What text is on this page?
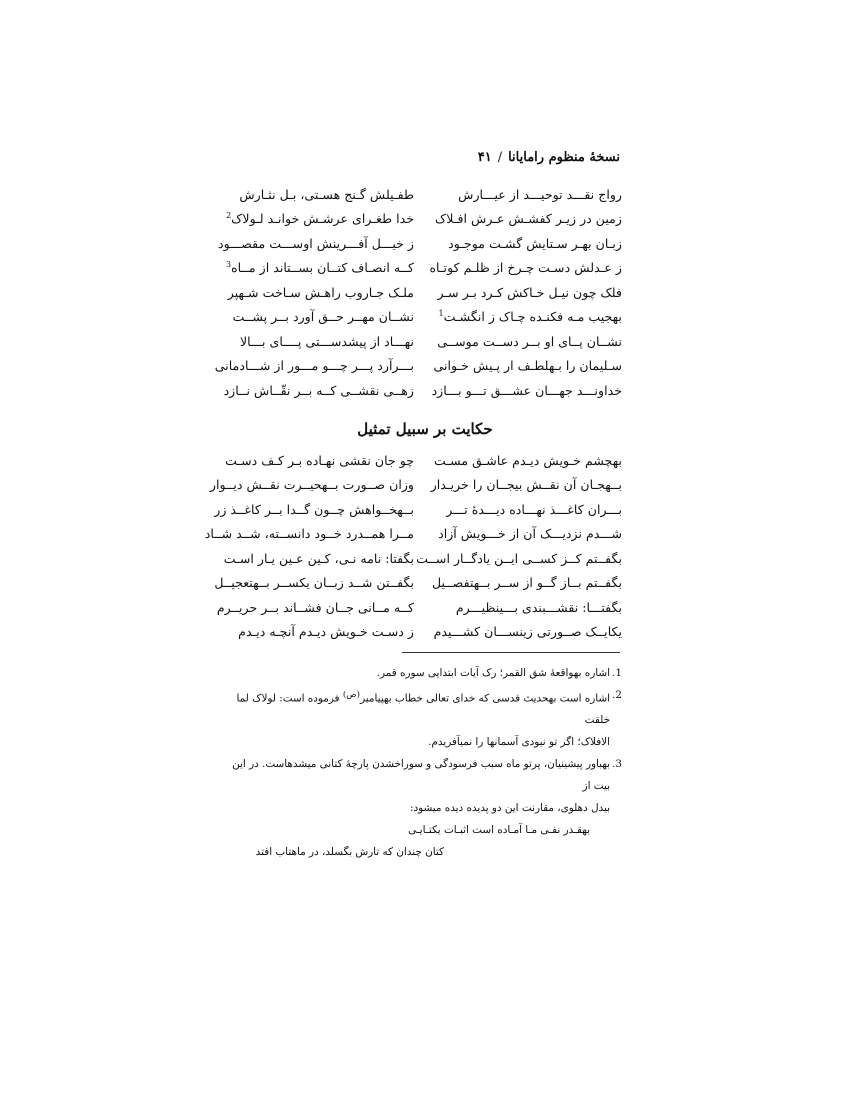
نسخهٔ منظوم رامایانا/۴۱
رواج نقـــد توحیـــد از عیـــارش
طفـیلش گـنج هسـتی، بـل نثـارش
زمین در زیـر کفشـش عـرش افـلاک
خدا طغـرای عرشـش خوانـد لـولاک$^2$
زبـان بهـر سـتایش گشـت موجـود
ز خیـــل آفـــرینش اوســـت مقصـــود
ز عـدلش دسـت چـرخ از ظلـم کوتـاه
کــه انصـاف کتــان بســتاند از مــاه$^3$
فلک چون نیـل خـاکش کـرد بـر سـر
ملـک جـاروب راهـش سـاخت شـهپر
بهجیب مـه فکنـده چـاک ز انگشـت$^1$
نشــان مهــر حــق آورد بــر پشــت
نشــان پــای او بــر دســت موســی
نهـــاد از پیشدســـتی پــــای بـــالا
سـلیمان را بـهلطـف ار پـیش خـوانی
بـــرآرد پـــر چـــو مـــور از شـــادمانی
خداونـــد جهـــان عشـــق تـــو بـــازد
زهــی نقشــی کــه بــر نقّــاش نــازد
حکایت بر سبیل تمثیل
بهچشم خـویش دیـدم عاشـق مسـت
چو جان نقشی نهـاده بـر کـف دسـت
بــهجـان آن نقــش بیجــان را خریـدار
وزان صــورت بــهحیــرت نقــش دیــوار
بـــران کاغـــذ نهـــاده دیـــدهٔ تـــر
بــهخــواهش چــون گــدا بــر کاغــذ زر
شـــدم نزدیـــک آن از خـــویش آزاد
مــرا همــدرد خــود دانســته، شــد شــاد
بگفــتم کــز کســی ایــن یادگــار اســت
بگفتا: نامه نـی، کـین عـین یـار اسـت
بگفــتم بــاز گــو از ســر بــهتفصــیل
بگفــتن شــد زبــان یکســر بــهتعجیــل
بگفتـــا: نقشـــبندی بـــینظیـــرم
کــه مــانی جــان فشــاند بــر حریــرم
یکایــک صــورتی زینســـان کشـــیدم
ز دسـت خـویش دیـدم آنچـه دیـدم
1.
اشاره بهواقعهٔ شق القمر؛ رک آیات ابتدایی سوره قمر.
2.
اشاره است بهحدیث قدسی که خدای تعالی خطاب بهپیامبر$^{(ص)}$ فرموده است: لولاک لما خلقت
الافلاک؛ اگر تو نبودی آسمانها را نمیآفریدم.
3.
بهباور پیشینیان، پرتو ماه سبب فرسودگی و سوراخشدن پارچهٔ کتانی میشدهاست. در این بیت از
بیدل دهلوی، مقارنت این دو پدیده دیده میشود:
بهقـدر نفـی مـا آمـاده است اثبـات یکتـایـی
کتان چندان که تارش بگسلد، در ماهتاب افتد
